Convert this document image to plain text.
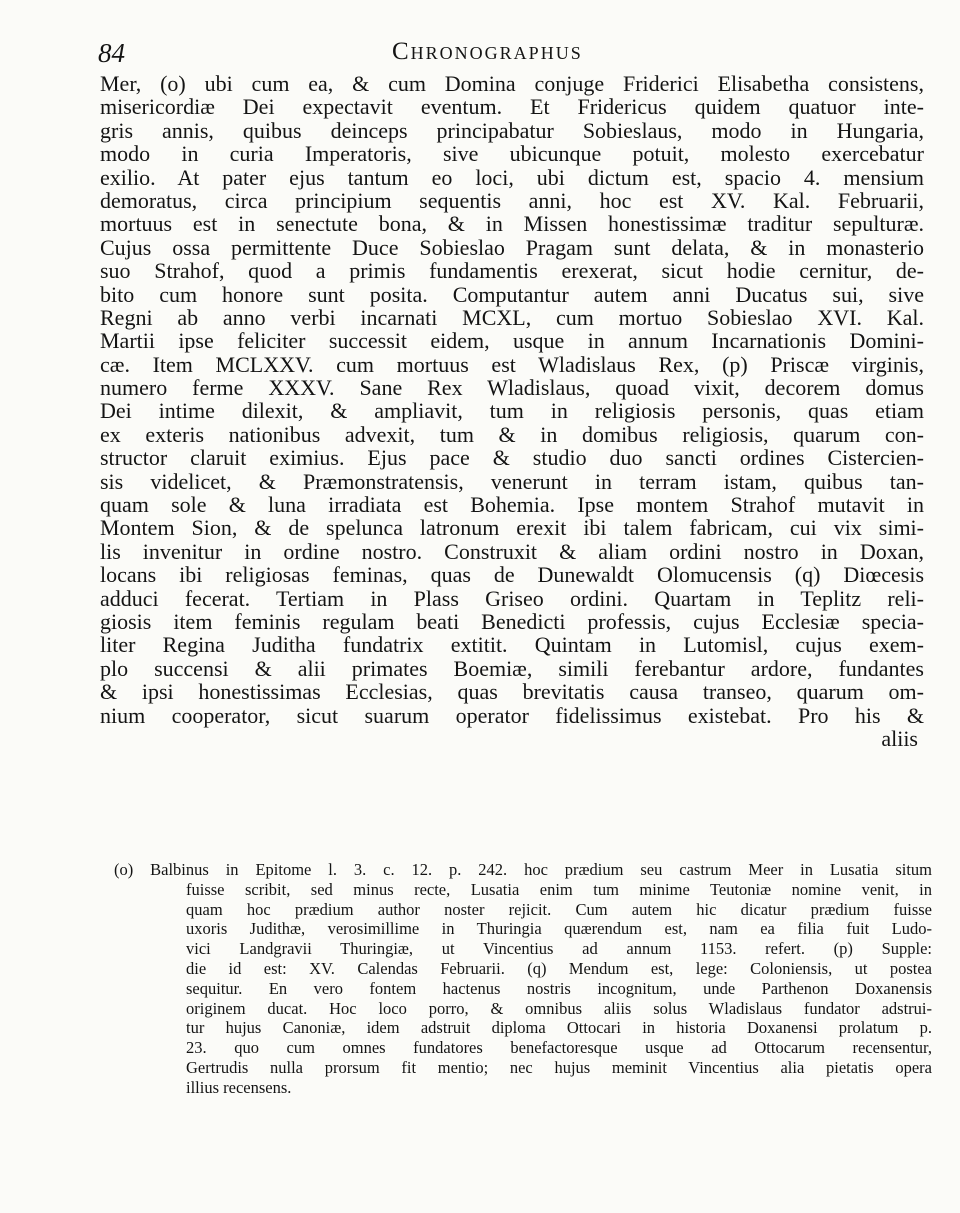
84	Chronographus
Mer, (o) ubi cum ea, & cum Domina conjuge Friderici Elisabetha consistens,
misericordiæ Dei expectavit eventum. Et Fridericus quidem quatuor inte-
gris annis, quibus deinceps principabatur Sobieslaus, modo in Hungaria,
modo in curia Imperatoris, sive ubicunque potuit, molesto exercebatur
exilio. At pater ejus tantum eo loci, ubi dictum est, spacio 4. mensium
demoratus, circa principium sequentis anni, hoc est XV. Kal. Februarii,
mortuus est in senectute bona, & in Missen honestissimæ traditur sepulturæ.
Cujus ossa permittente Duce Sobieslao Pragam sunt delata, & in monasterio
suo Strahof, quod a primis fundamentis erexerat, sicut hodie cernitur, de-
bito cum honore sunt posita. Computantur autem anni Ducatus sui, sive
Regni ab anno verbi incarnati MCXL, cum mortuo Sobieslao XVI. Kal.
Martii ipse feliciter successit eidem, usque in annum Incarnationis Domini-
cæ. Item MCLXXV. cum mortuus est Wladislaus Rex, (p) Priscæ virginis,
numero ferme XXXV. Sane Rex Wladislaus, quoad vixit, decorem domus
Dei intime dilexit, & ampliavit, tum in religiosis personis, quas etiam
ex exteris nationibus advexit, tum & in domibus religiosis, quarum con-
structor claruit eximius. Ejus pace & studio duo sancti ordines Cistercien-
sis videlicet, & Præmonstratensis, venerunt in terram istam, quibus tan-
quam sole & luna irradiata est Bohemia. Ipse montem Strahof mutavit in
Montem Sion, & de spelunca latronum erexit ibi talem fabricam, cui vix simi-
lis invenitur in ordine nostro. Construxit & aliam ordini nostro in Doxan,
locans ibi religiosas feminas, quas de Dunewaldt Olomucensis (q) Diœcesis
adduci fecerat. Tertiam in Plass Griseo ordini. Quartam in Teplitz reli-
giosis item feminis regulam beati Benedicti professis, cujus Ecclesiæ specia-
liter Regina Juditha fundatrix extitit. Quintam in Lutomisl, cujus exem-
plo succensi & alii primates Boemiæ, simili ferebantur ardore, fundantes
& ipsi honestissimas Ecclesias, quas brevitatis causa transeo, quarum om-
nium cooperator, sicut suarum operator fidelissimus existebat. Pro his &
aliis
(o) Balbinus in Epitome l. 3. c. 12. p. 242. hoc prædium seu castrum Meer in Lusatia situm
fuisse scribit, sed minus recte, Lusatia enim tum minime Teutoniæ nomine venit, in
quam hoc prædium author noster rejicit. Cum autem hic dicatur prædium fuisse
uxoris Judithæ, verosimillime in Thuringia quærendum est, nam ea filia fuit Ludo-
vici Landgravii Thuringiæ, ut Vincentius ad annum 1153. refert. (p) Supple:
die id est: XV. Calendas Februarii. (q) Mendum est, lege: Coloniensis, ut postea
sequitur. En vero fontem hactenus nostris incognitum, unde Parthenon Doxanensis
originem ducat. Hoc loco porro, & omnibus aliis solus Wladislaus fundator adstrui-
tur hujus Canoniæ, idem adstruit diploma Ottocari in historia Doxanensi prolatum p.
23. quo cum omnes fundatores benefactoresque usque ad Ottocarum recensentur,
Gertrudis nulla prorsum fit mentio; nec hujus meminit Vincentius alia pietatis opera
illius recensens.
